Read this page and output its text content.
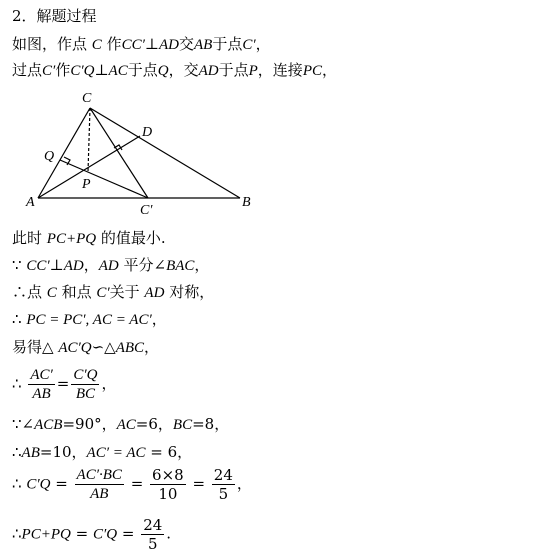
2．解题过程
如图，作点 C 作CC′⊥AD交AB于点C′，
过点C′作C′Q⊥AC于点Q，交AD于点P，连接PC，
C
D
Q
P
A
C′
B
此时 PC+PQ 的值最小.
∵ CC′⊥AD，AD 平分∠BAC，
∴点 C 和点 C′关于 AD 对称，
∴ PC = PC′, AC = AC′，
易得△ AC′Q∽△ABC，
∴ $\frac{AC'}{AB} = \frac{C'Q}{BC}$ ，
∵∠ACB=90°，AC=6，BC=8，
∴AB=10，AC′ = AC = 6，
∴ $C'Q = \frac{AC'\cdot BC}{AB} = \frac{6\times 8}{10} = \frac{24}{5}$ ，
∴PC+PQ = $C'Q = \frac{24}{5}$ .
